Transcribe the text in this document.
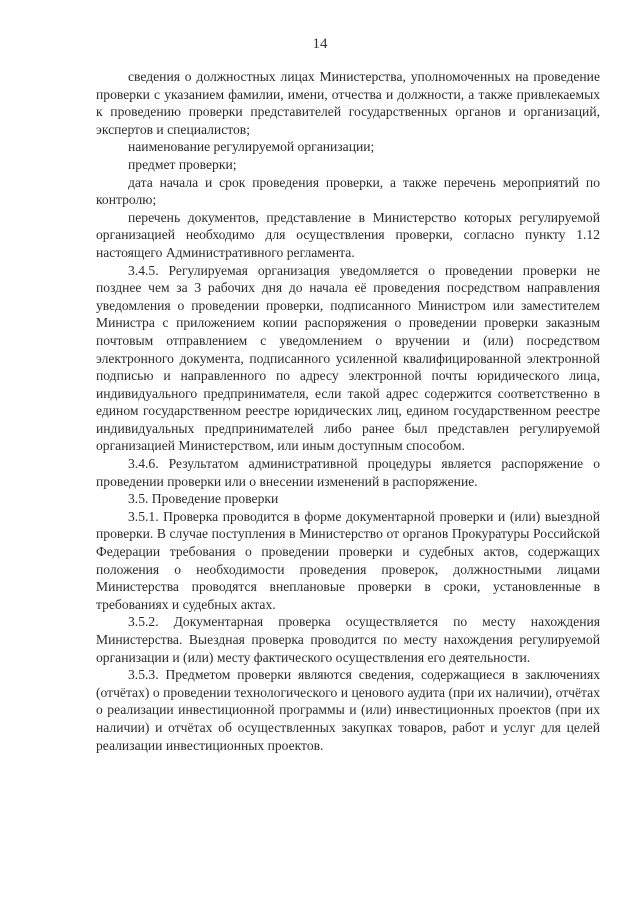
14

сведения о должностных лицах Министерства, уполномоченных на проведение проверки с указанием фамилии, имени, отчества и должности, а также привлекаемых к проведению проверки представителей государственных органов и организаций, экспертов и специалистов;

наименование регулируемой организации;

предмет проверки;

дата начала и срок проведения проверки, а также перечень мероприятий по контролю;

перечень документов, представление в Министерство которых регулируемой организацией необходимо для осуществления проверки, согласно пункту 1.12 настоящего Административного регламента.

3.4.5. Регулируемая организация уведомляется о проведении проверки не позднее чем за 3 рабочих дня до начала её проведения посредством направления уведомления о проведении проверки, подписанного Министром или заместителем Министра с приложением копии распоряжения о проведении проверки заказным почтовым отправлением с уведомлением о вручении и (или) посредством электронного документа, подписанного усиленной квалифицированной электронной подписью и направленного по адресу электронной почты юридического лица, индивидуального предпринимателя, если такой адрес содержится соответственно в едином государственном реестре юридических лиц, едином государственном реестре индивидуальных предпринимателей либо ранее был представлен регулируемой организацией Министерством, или иным доступным способом.

3.4.6. Результатом административной процедуры является распоряжение о проведении проверки или о внесении изменений в распоряжение.

3.5. Проведение проверки

3.5.1. Проверка проводится в форме документарной проверки и (или) выездной проверки. В случае поступления в Министерство от органов Прокуратуры Российской Федерации требования о проведении проверки и судебных актов, содержащих положения о необходимости проведения проверок, должностными лицами Министерства проводятся внеплановые проверки в сроки, установленные в требованиях и судебных актах.

3.5.2. Документарная проверка осуществляется по месту нахождения Министерства. Выездная проверка проводится по месту нахождения регулируемой организации и (или) месту фактического осуществления его деятельности.

3.5.3. Предметом проверки являются сведения, содержащиеся в заключениях (отчётах) о проведении технологического и ценового аудита (при их наличии), отчётах о реализации инвестиционной программы и (или) инвестиционных проектов (при их наличии) и отчётах об осуществленных закупках товаров, работ и услуг для целей реализации инвестиционных проектов.
